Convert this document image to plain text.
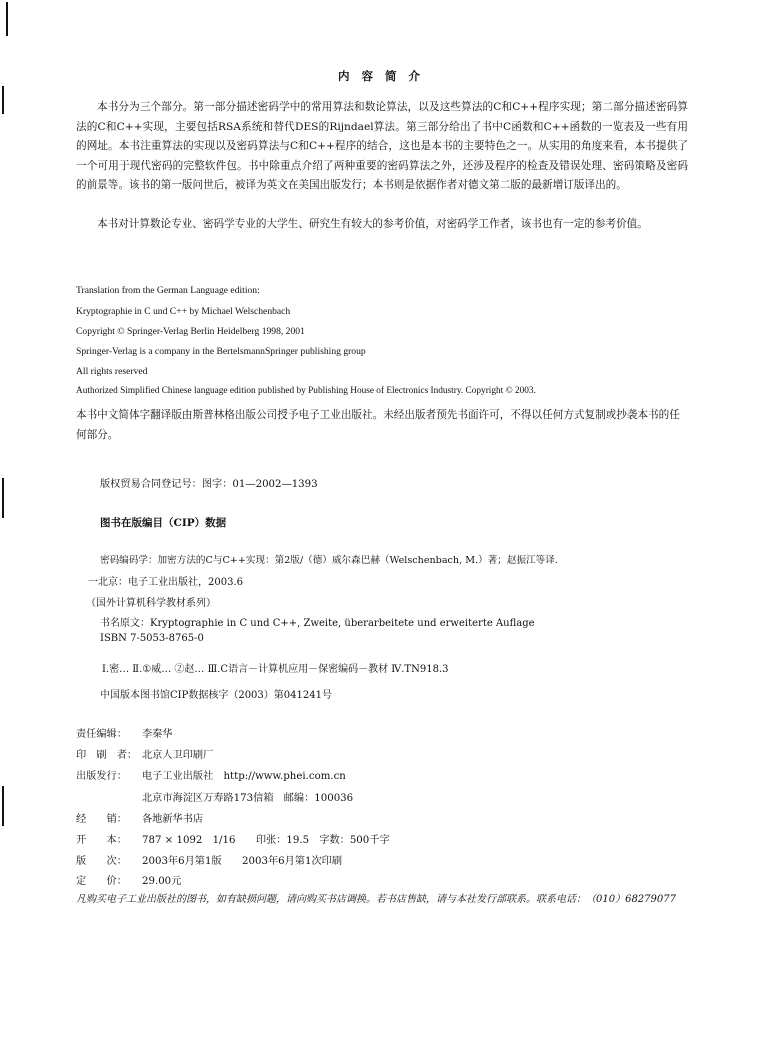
内 容 简 介

本书分为三个部分。第一部分描述密码学中的常用算法和数论算法，以及这些算法的C和C++程序实现；第二部分描述密码算法的C和C++实现，主要包括RSA系统和替代DES的Rijndael算法。第三部分给出了书中C函数和C++函数的一览表及一些有用的网址。本书注重算法的实现以及密码算法与C和C++程序的结合，这也是本书的主要特色之一。从实用的角度来看，本书提供了一个可用于现代密码的完整软件包。书中除重点介绍了两种重要的密码算法之外，还涉及程序的检查及错误处理、密码策略及密码的前景等。该书的第一版问世后，被译为英文在美国出版发行；本书则是依据作者对德文第二版的最新增订版译出的。

本书对计算数论专业、密码学专业的大学生、研究生有较大的参考价值，对密码学工作者，该书也有一定的参考价值。

Translation from the German Language edition:
Kryptographie in C und C++ by Michael Welschenbach
Copyright © Springer-Verlag Berlin Heidelberg 1998, 2001
Springer-Verlag is a company in the BertelsmannSpringer publishing group
All rights reserved
Authorized Simplified Chinese language edition published by Publishing House of Electronics Industry. Copyright © 2003.

本书中文简体字翻译版由斯普林格出版公司授予电子工业出版社。未经出版者预先书面许可，不得以任何方式复制或抄袭本书的任何部分。

版权贸易合同登记号：图字：01—2002—1393
图书在版编目（CIP）数据
密码编码学：加密方法的C与C++实现：第2版/（德）威尔森巴赫（Welschenbach, M.）著；赵振江等译.
一北京：电子工业出版社，2003.6
（国外计算机科学教材系列）
书名原文：Kryptographie in C und C++, Zweite, überarbeitete und erweiterte Auflage
ISBN 7-5053-8765-0
Ⅰ.密… Ⅱ.①威… ②赵… Ⅲ.C语言－计算机应用－保密编码－教材 Ⅳ.TN918.3
中国版本图书馆CIP数据核字（2003）第041241号
责任编辑： 李秦华
印　刷　者： 北京人卫印刷厂
出版发行： 电子工业出版社　http://www.phei.com.cn
北京市海淀区万寿路173信箱　邮编：100036
经　　销： 各地新华书店
开　　本： 787 × 1092　1/16　　印张：19.5　字数：500千字
版　　次： 2003年6月第1版　　2003年6月第1次印刷
定　　价： 29.00元

凡购买电子工业出版社的图书，如有缺损问题，请向购买书店调换。若书店售缺，请与本社发行部联系。联系电话：（010）68279077
